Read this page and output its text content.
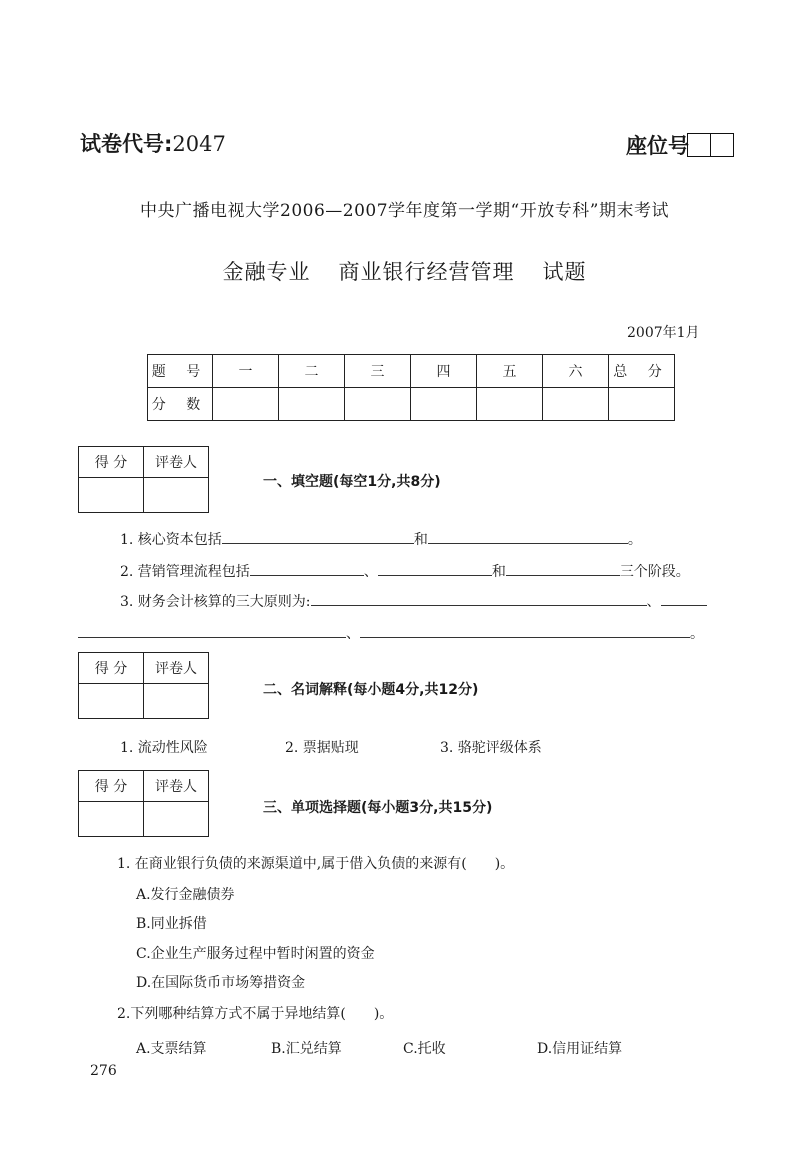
试卷代号:2047	座位号
中央广播电视大学2006—2007学年度第一学期“开放专科”期末考试
金融专业 商业银行经营管理 试题
2007年1月
题 号	一	二	三	四	五	六	总 分
分 数							
得 分	评卷人

一、填空题(每空1分,共8分)
1. 核心资本包括	和	。
2. 营销管理流程包括	、	和	三个阶段。
3. 财务会计核算的三大原则为:	、
、	。
得 分	评卷人

二、名词解释(每小题4分,共12分)
1. 流动性风险	2. 票据贴现	3. 骆驼评级体系
得 分	评卷人

三、单项选择题(每小题3分,共15分)
1. 在商业银行负债的来源渠道中,属于借入负债的来源有(　　)。
A.发行金融债券
B.同业拆借
C.企业生产服务过程中暂时闲置的资金
D.在国际货币市场筹措资金
2.下列哪种结算方式不属于异地结算(　　)。
A.支票结算	B.汇兑结算	C.托收	D.信用证结算
276
